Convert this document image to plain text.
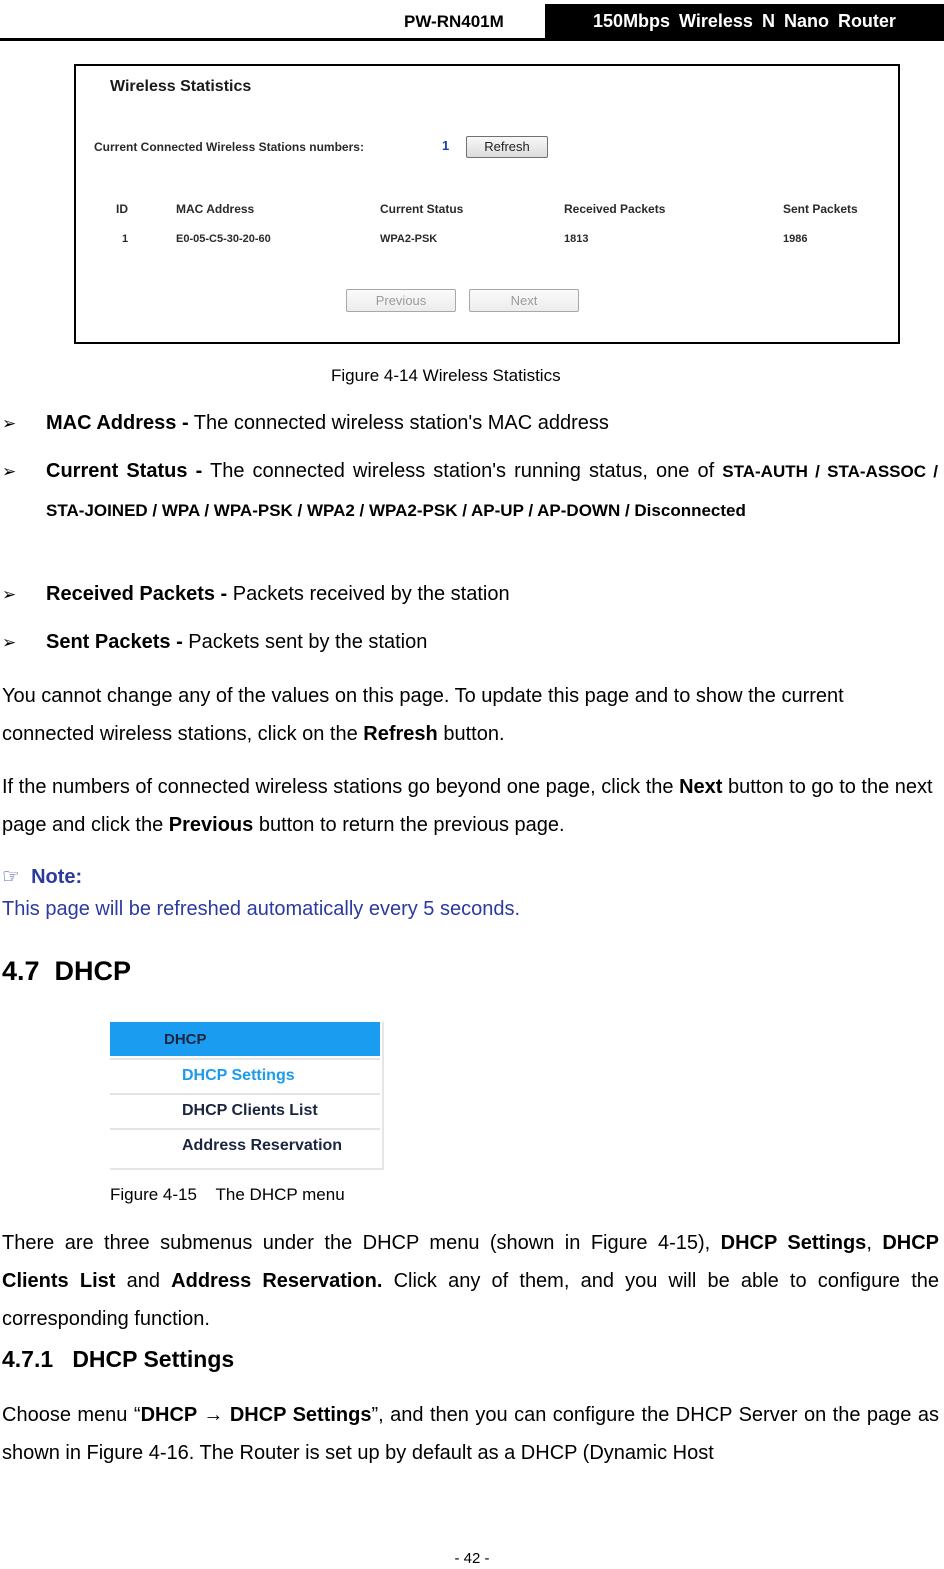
PW-RN401M	150Mbps Wireless N Nano Router
Wireless Statistics
Current Connected Wireless Stations numbers:	1	Refresh
ID	MAC Address	Current Status	Received Packets	Sent Packets
1	E0-05-C5-30-20-60	WPA2-PSK	1813	1986
Previous	Next
Figure 4-14 Wireless Statistics
➢ MAC Address - The connected wireless station's MAC address
➢ Current Status - The connected wireless station's running status, one of STA-AUTH / STA-ASSOC / STA-JOINED / WPA / WPA-PSK / WPA2 / WPA2-PSK / AP-UP / AP-DOWN / Disconnected
➢ Received Packets - Packets received by the station
➢ Sent Packets - Packets sent by the station
You cannot change any of the values on this page. To update this page and to show the current connected wireless stations, click on the Refresh button.
If the numbers of connected wireless stations go beyond one page, click the Next button to go to the next page and click the Previous button to return the previous page.
☞ Note:
This page will be refreshed automatically every 5 seconds.
4.7  DHCP
DHCP
DHCP Settings
DHCP Clients List
Address Reservation
Figure 4-15    The DHCP menu
There are three submenus under the DHCP menu (shown in Figure 4-15), DHCP Settings, DHCP Clients List and Address Reservation. Click any of them, and you will be able to configure the corresponding function.
4.7.1   DHCP Settings
Choose menu “DHCP → DHCP Settings”, and then you can configure the DHCP Server on the page as shown in Figure 4-16. The Router is set up by default as a DHCP (Dynamic Host
- 42 -
